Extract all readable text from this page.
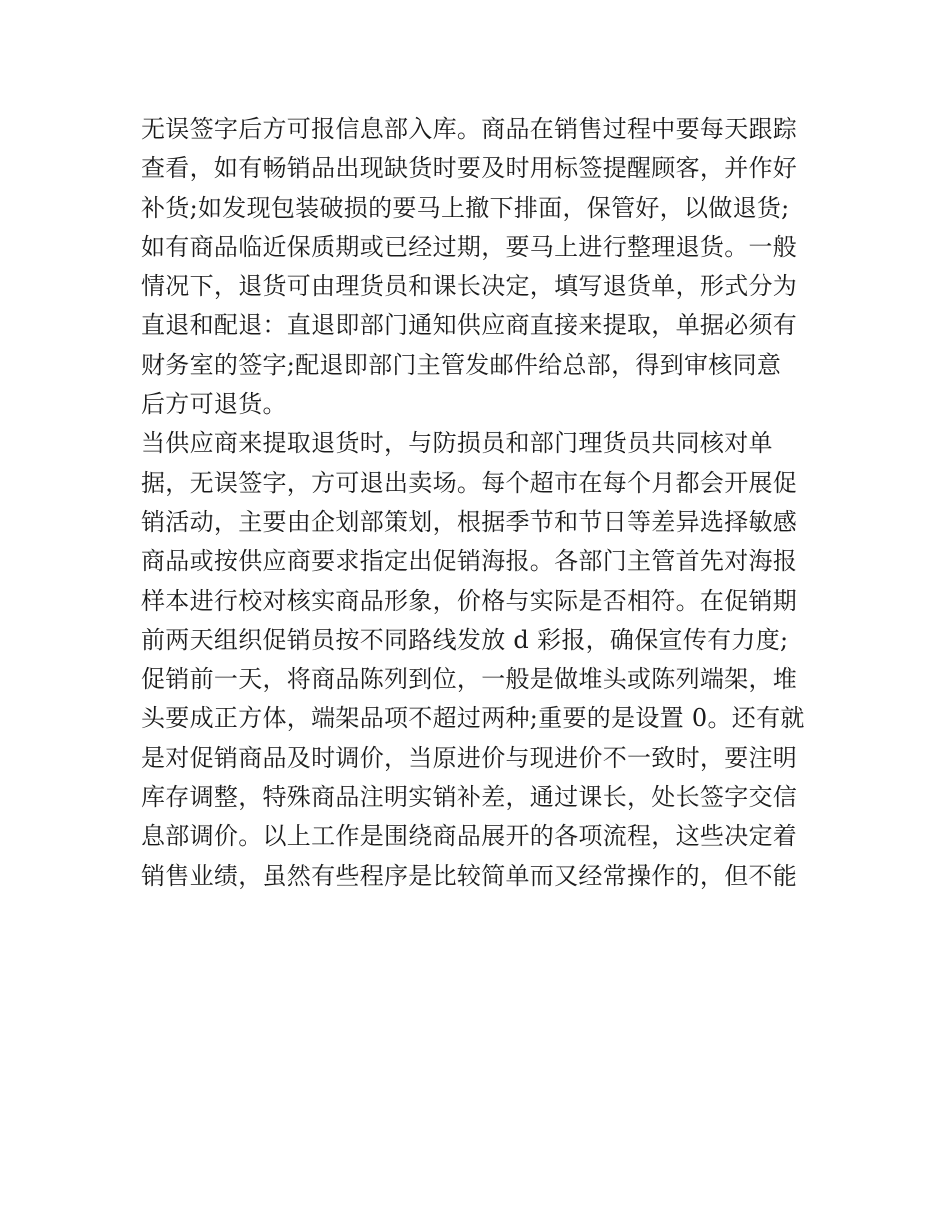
无误签字后方可报信息部入库。商品在销售过程中要每天跟踪
查看，如有畅销品出现缺货时要及时用标签提醒顾客，并作好
补货;如发现包装破损的要马上撤下排面，保管好，以做退货;
如有商品临近保质期或已经过期，要马上进行整理退货。一般
情况下，退货可由理货员和课长决定，填写退货单，形式分为
直退和配退：直退即部门通知供应商直接来提取，单据必须有
财务室的签字;配退即部门主管发邮件给总部，得到审核同意
后方可退货。
当供应商来提取退货时，与防损员和部门理货员共同核对单
据，无误签字，方可退出卖场。每个超市在每个月都会开展促
销活动，主要由企划部策划，根据季节和节日等差异选择敏感
商品或按供应商要求指定出促销海报。各部门主管首先对海报
样本进行校对核实商品形象，价格与实际是否相符。在促销期
前两天组织促销员按不同路线发放 d 彩报，确保宣传有力度;
促销前一天，将商品陈列到位，一般是做堆头或陈列端架，堆
头要成正方体，端架品项不超过两种;重要的是设置 0。还有就
是对促销商品及时调价，当原进价与现进价不一致时，要注明
库存调整，特殊商品注明实销补差，通过课长，处长签字交信
息部调价。以上工作是围绕商品展开的各项流程，这些决定着
销售业绩，虽然有些程序是比较简单而又经常操作的，但不能
